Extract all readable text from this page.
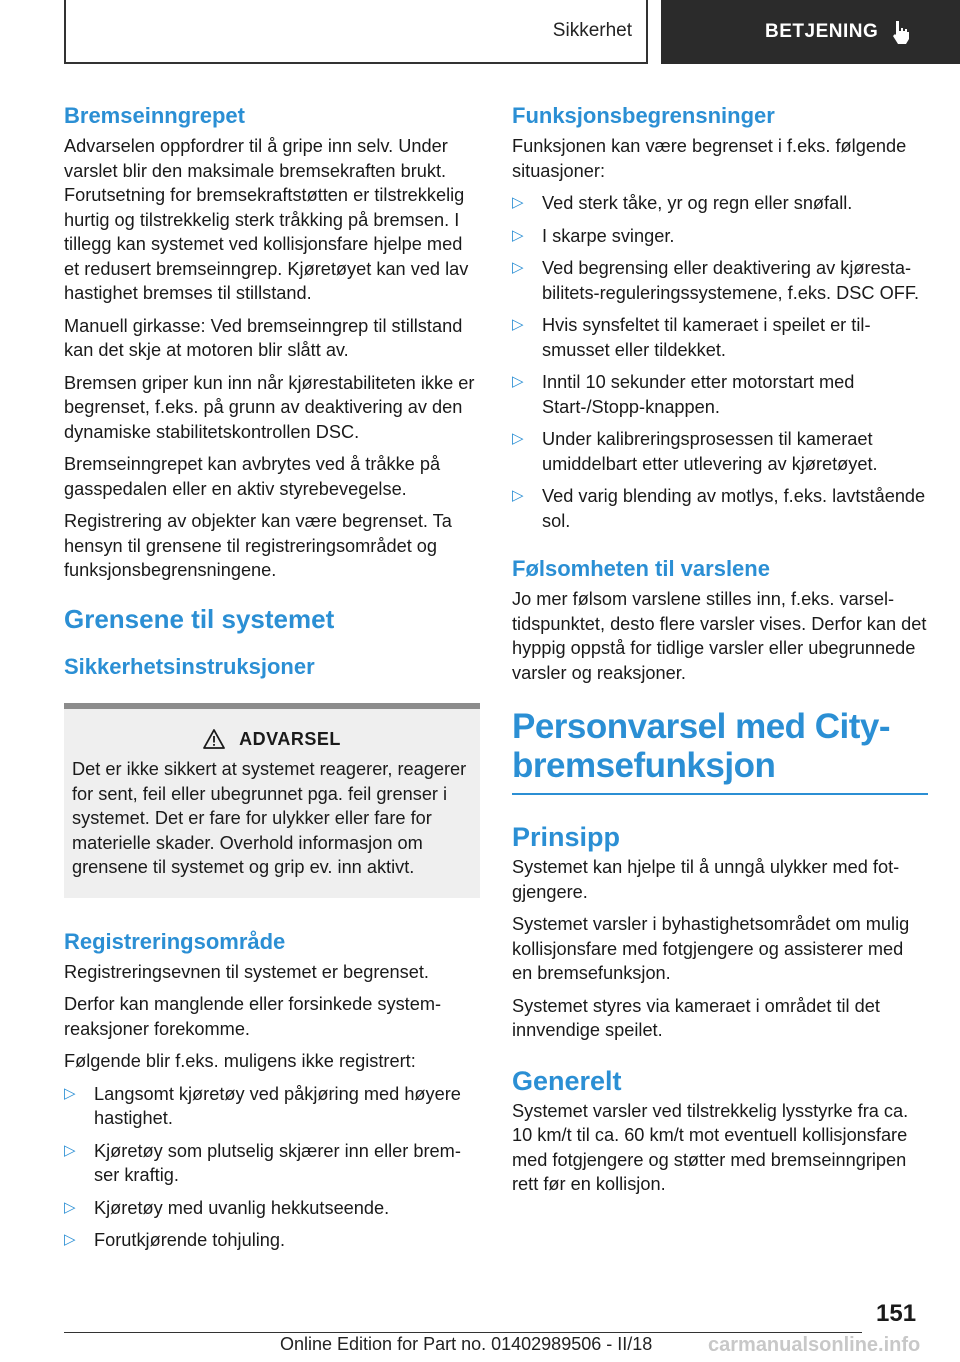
Sikkerhet	BETJENING
Bremseinngrepet

Advarselen oppfordrer til å gripe inn selv. Under varslet blir den maksimale bremsekraften brukt. Forutsetning for bremsekraftstøtten er tilstrekkelig hurtig og tilstrekkelig sterk tråkking på bremsen. I tillegg kan systemet ved kollisjonsfare hjelpe med et redusert bremseinngrep. Kjøretøyet kan ved lav hastighet bremses til stillstand.

Manuell girkasse: Ved bremseinngrep til stillstand kan det skje at motoren blir slått av.

Bremsen griper kun inn når kjørestabiliteten ikke er begrenset, f.eks. på grunn av deaktivering av den dynamiske stabilitetskontrollen DSC.

Bremseinngrepet kan avbrytes ved å tråkke på gasspedalen eller en aktiv styrebevegelse.

Registrering av objekter kan være begrenset. Ta hensyn til grensene til registreringsområdet og funksjonsbegrensningene.

Grensene til systemet
Sikkerhetsinstruksjoner
ADVARSEL
Det er ikke sikkert at systemet reagerer, reagerer for sent, feil eller ubegrunnet pga. feil grenser i systemet. Det er fare for ulykker eller fare for materielle skader. Overhold informasjon om grensene til systemet og grip ev. inn aktivt.
Registreringsområde

Registreringsevnen til systemet er begrenset.

Derfor kan manglende eller forsinkede systemreaksjoner forekomme.

Følgende blir f.eks. muligens ikke registrert:

▷ Langsomt kjøretøy ved påkjøring med høyere hastighet.
▷ Kjøretøy som plutselig skjærer inn eller bremser kraftig.
▷ Kjøretøy med uvanlig hekkutseende.
▷ Forutkjørende tohjuling.
Funksjonsbegrensninger

Funksjonen kan være begrenset i f.eks. følgende situasjoner:

▷ Ved sterk tåke, yr og regn eller snøfall.
▷ I skarpe svinger.
▷ Ved begrensing eller deaktivering av kjørestabilitets-reguleringssystemene, f.eks. DSC OFF.
▷ Hvis synsfeltet til kameraet i speilet er tilsmusset eller tildekket.
▷ Inntil 10 sekunder etter motorstart med Start-/Stopp-knappen.
▷ Under kalibreringsprosessen til kameraet umiddelbart etter utlevering av kjøretøyet.
▷ Ved varig blending av motlys, f.eks. lavtstående sol.
Følsomheten til varslene

Jo mer følsom varslene stilles inn, f.eks. varseltidspunktet, desto flere varsler vises. Derfor kan det hyppig oppstå for tidlige varsler eller ubegrunnede varsler og reaksjoner.

Personvarsel med City-bremsefunksjon
Prinsipp

Systemet kan hjelpe til å unngå ulykker med fotgjengere.

Systemet varsler i byhastighetsområdet om mulig kollisjonsfare med fotgjengere og assisterer med en bremsefunksjon.

Systemet styres via kameraet i området til det innvendige speilet.

Generelt

Systemet varsler ved tilstrekkelig lysstyrke fra ca. 10 km/t til ca. 60 km/t mot eventuell kollisjonsfare med fotgjengere og støtter med bremseinngripen rett før en kollisjon.

151
Online Edition for Part no. 01402989506 - II/18	carmanualsonline.info
